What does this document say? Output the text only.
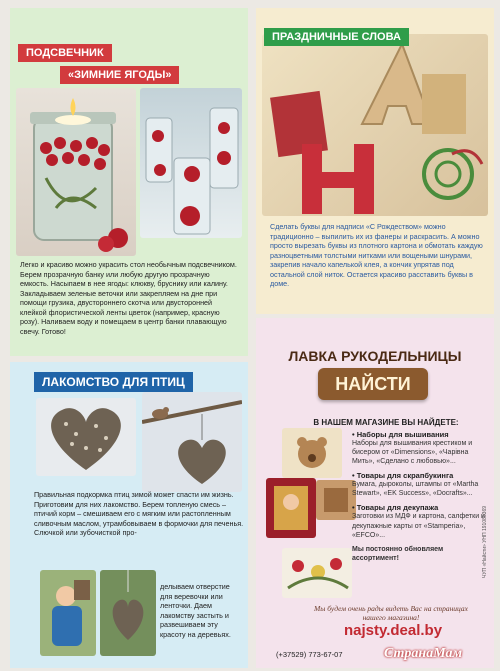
ПОДСВЕЧНИК
«ЗИМНИЕ ЯГОДЫ»
Легко и красиво можно украсить стол необычным подсвечником. Берем прозрачную банку или любую другую прозрачную емкость. Насыпаем в нее ягоды: клюкву, бруснику или калину. Закладываем зеленые веточки или закрепляем на дне при помощи грузика, двустороннего скотча или двусторонней клейкой флористической ленты цветок (например, красную розу). Наливаем воду и помещаем в центр банки плавающую свечу. Готово!
ПРАЗДНИЧНЫЕ СЛОВА
Сделать буквы для надписи «С Рождеством» можно традиционно – выпилить их из фанеры и раскрасить. А можно просто вырезать буквы из плотного картона и обмотать каждую разноцветными толстыми нитками или вощеными шнурами, закрепив начало капелькой клея, а кончик упрятав под остальной слой ниток. Остается красиво расставить буквы в доме.
ЛАКОМСТВО ДЛЯ ПТИЦ
Правильная подкормка птиц зимой может спасти им жизнь. Приготовим для них лакомство. Берем топленую смесь – птичий корм – смешиваем его с мягким или растопленным сливочным маслом, утрамбовываем в формочки для печенья. Слючкой или зубочисткой про-
делываем отверстие для веревочки или ленточки. Даем лакомству застыть и развешиваем эту красоту на деревьях.
ЛАВКА РУКОДЕЛЬНИЦЫ
НАЙСТИ
В НАШЕМ МАГАЗИНЕ ВЫ НАЙДЕТЕ:
• Наборы для вышивания
Наборы для вышивания крестиком и бисером от «Dimensions», «Чарівна Мить», «Сделано с любовью»...
• Товары для скрапбукинга
Бумага, дыроколы, штампы от «Martha Stewart», «EK Success», «Docrafts»...
• Товары для декупажа
Заготовки из МДФ и картона, салфетки и декупажные карты от «Stamperia», «EFCO»...
Мы постоянно обновляем ассортимент!
Мы будем очень рады видеть Вас на страницах нашего магазина!
najsty.deal.by
(+37529) 773-67-07
ЧУП «Найсти» УНП 191080369
СтранаМам
